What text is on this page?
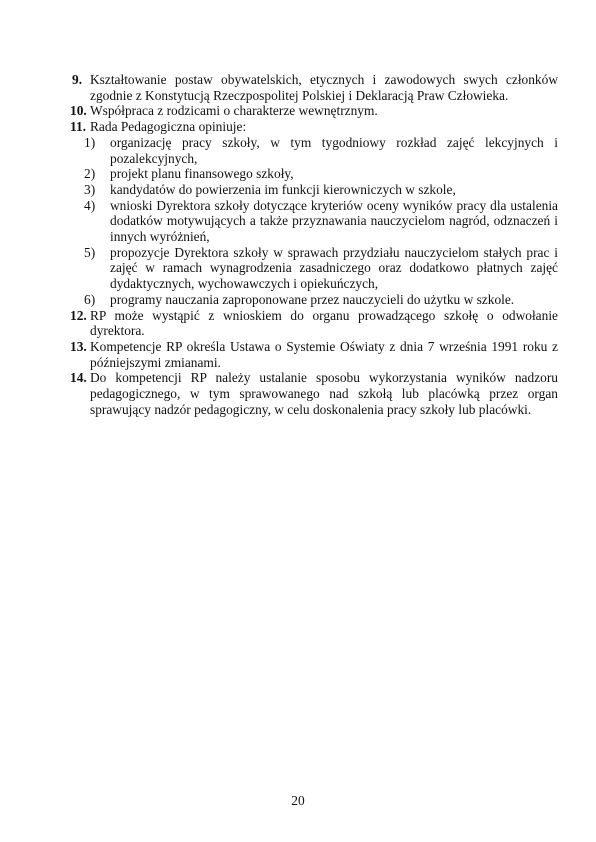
9. Kształtowanie postaw obywatelskich, etycznych i zawodowych swych członków zgodnie z Konstytucją Rzeczpospolitej Polskiej i Deklaracją Praw Człowieka.
10. Współpraca z rodzicami o charakterze wewnętrznym.
11. Rada Pedagogiczna opiniuje:
1) organizację pracy szkoły, w tym tygodniowy rozkład zajęć lekcyjnych i pozalekcyjnych,
2) projekt planu finansowego szkoły,
3) kandydatów do powierzenia im funkcji kierowniczych w szkole,
4) wnioski Dyrektora szkoły dotyczące kryteriów oceny wyników pracy dla ustalenia dodatków motywujących a także przyznawania nauczycielom nagród, odznaczeń i innych wyróżnień,
5) propozycje Dyrektora szkoły w sprawach przydziału nauczycielom stałych prac i zajęć w ramach wynagrodzenia zasadniczego oraz dodatkowo płatnych zajęć dydaktycznych, wychowawczych i opiekuńczych,
6) programy nauczania zaproponowane przez nauczycieli do użytku w szkole.
12. RP może wystąpić z wnioskiem do organu prowadzącego szkołę o odwołanie dyrektora.
13. Kompetencje RP określa Ustawa o Systemie Oświaty z dnia 7 września 1991 roku z późniejszymi zmianami.
14. Do kompetencji RP należy ustalanie sposobu wykorzystania wyników nadzoru pedagogicznego, w tym sprawowanego nad szkołą lub placówką przez organ sprawujący nadzór pedagogiczny, w celu doskonalenia pracy szkoły lub placówki.
20
